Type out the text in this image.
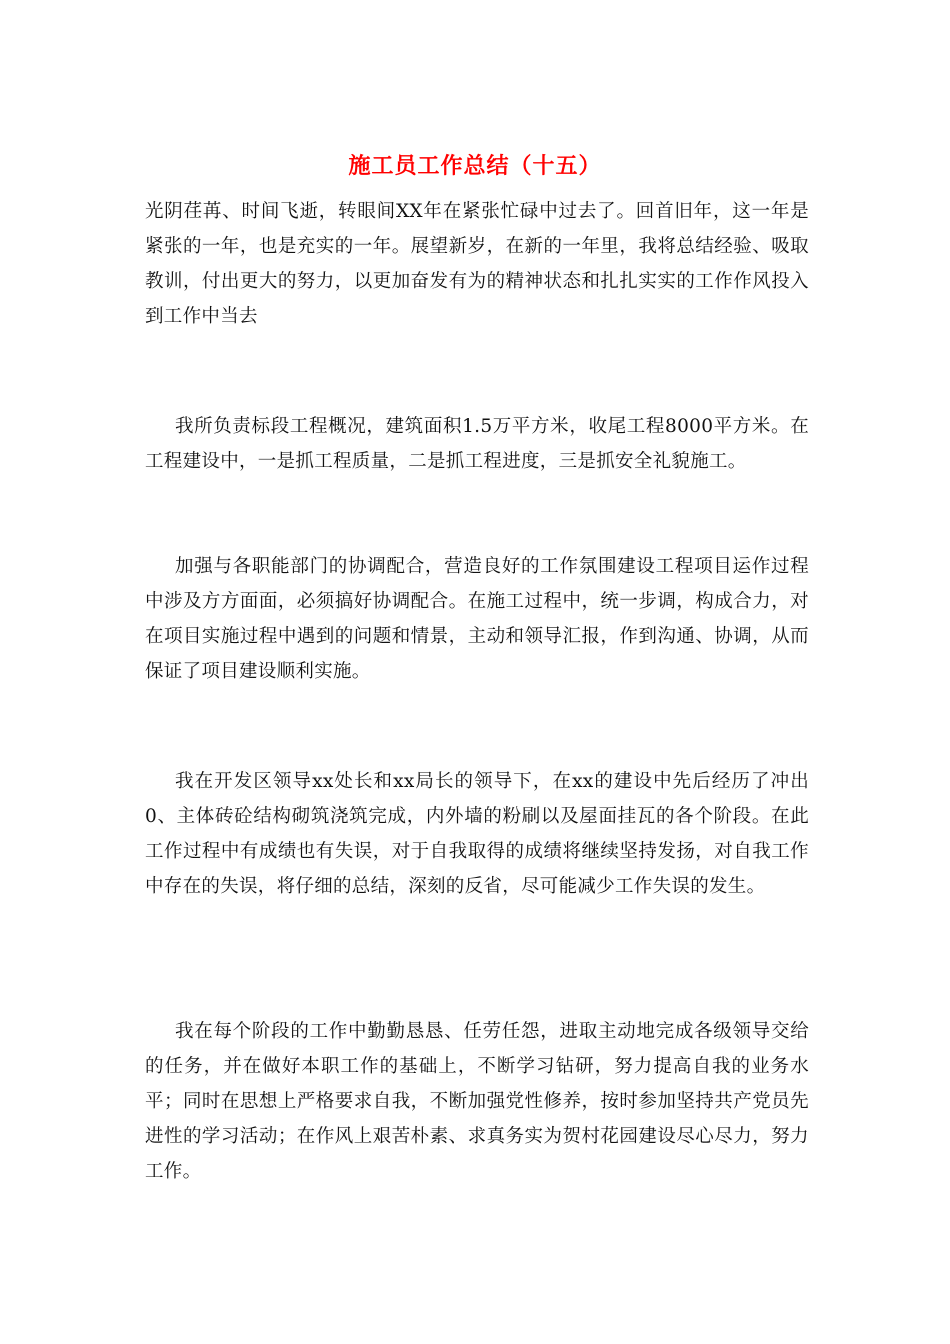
施工员工作总结（十五）

光阴荏苒、时间飞逝，转眼间XX年在紧张忙碌中过去了。回首旧年，这一年是紧张的一年，也是充实的一年。展望新岁，在新的一年里，我将总结经验、吸取教训，付出更大的努力，以更加奋发有为的精神状态和扎扎实实的工作作风投入到工作中当去

我所负责标段工程概况，建筑面积1.5万平方米，收尾工程8000平方米。在工程建设中，一是抓工程质量，二是抓工程进度，三是抓安全礼貌施工。

加强与各职能部门的协调配合，营造良好的工作氛围建设工程项目运作过程中涉及方方面面，必须搞好协调配合。在施工过程中，统一步调，构成合力，对在项目实施过程中遇到的问题和情景，主动和领导汇报，作到沟通、协调，从而保证了项目建设顺利实施。

我在开发区领导xx处长和xx局长的领导下，在xx的建设中先后经历了冲出0、主体砖砼结构砌筑浇筑完成，内外墙的粉刷以及屋面挂瓦的各个阶段。在此工作过程中有成绩也有失误，对于自我取得的成绩将继续坚持发扬，对自我工作中存在的失误，将仔细的总结，深刻的反省，尽可能减少工作失误的发生。

我在每个阶段的工作中勤勤恳恳、任劳任怨，进取主动地完成各级领导交给的任务，并在做好本职工作的基础上，不断学习钻研，努力提高自我的业务水平；同时在思想上严格要求自我，不断加强党性修养，按时参加坚持共产党员先进性的学习活动；在作风上艰苦朴素、求真务实为贺村花园建设尽心尽力，努力工作。
